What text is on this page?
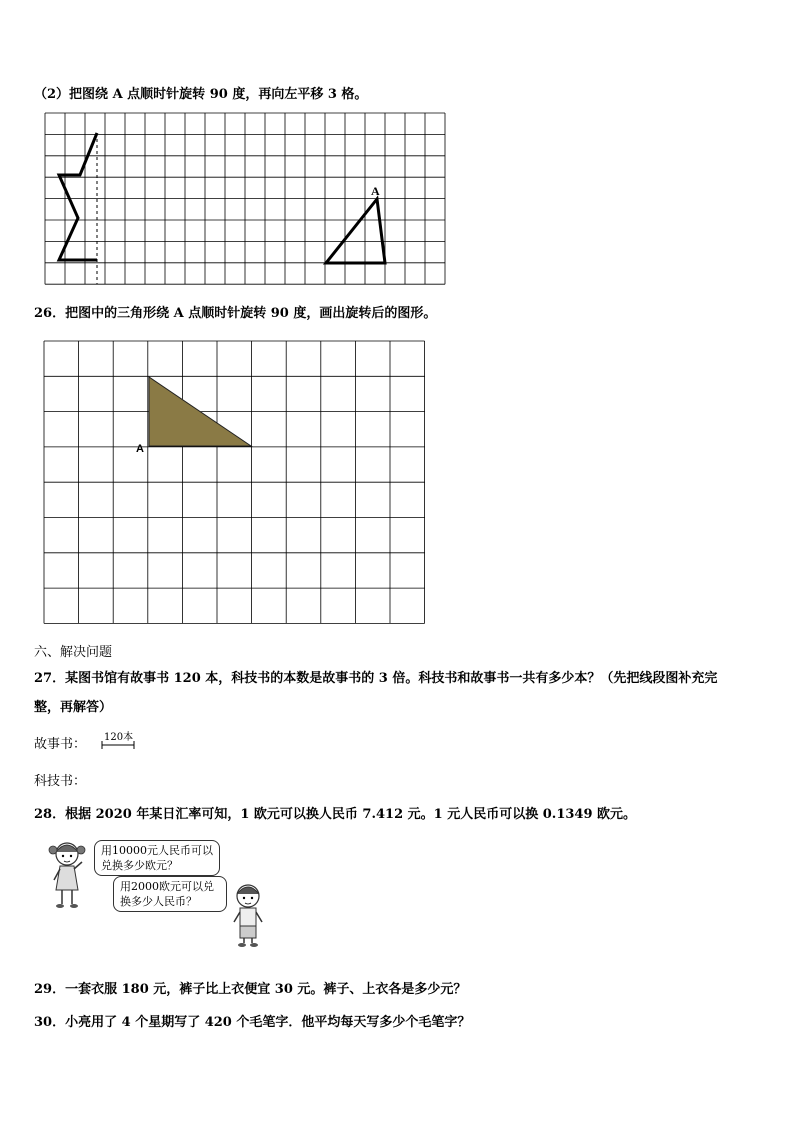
（2）把图绕 A 点顺时针旋转 90 度，再向左平移 3 格。
A
26．把图中的三角形绕 A 点顺时针旋转 90 度，画出旋转后的图形。
A
六、解决问题
27．某图书馆有故事书 120 本，科技书的本数是故事书的 3 倍。科技书和故事书一共有多少本？（先把线段图补充完
整，再解答）
故事书： 120本
科技书：
28．根据 2020 年某日汇率可知，1 欧元可以换人民币 7.412 元。1 元人民币可以换 0.1349 欧元。
用10000元人民币可以兑换多少欧元？
用2000欧元可以兑换多少人民币？
29．一套衣服 180 元，裤子比上衣便宜 30 元。裤子、上衣各是多少元？
30．小亮用了 4 个星期写了 420 个毛笔字．他平均每天写多少个毛笔字？
